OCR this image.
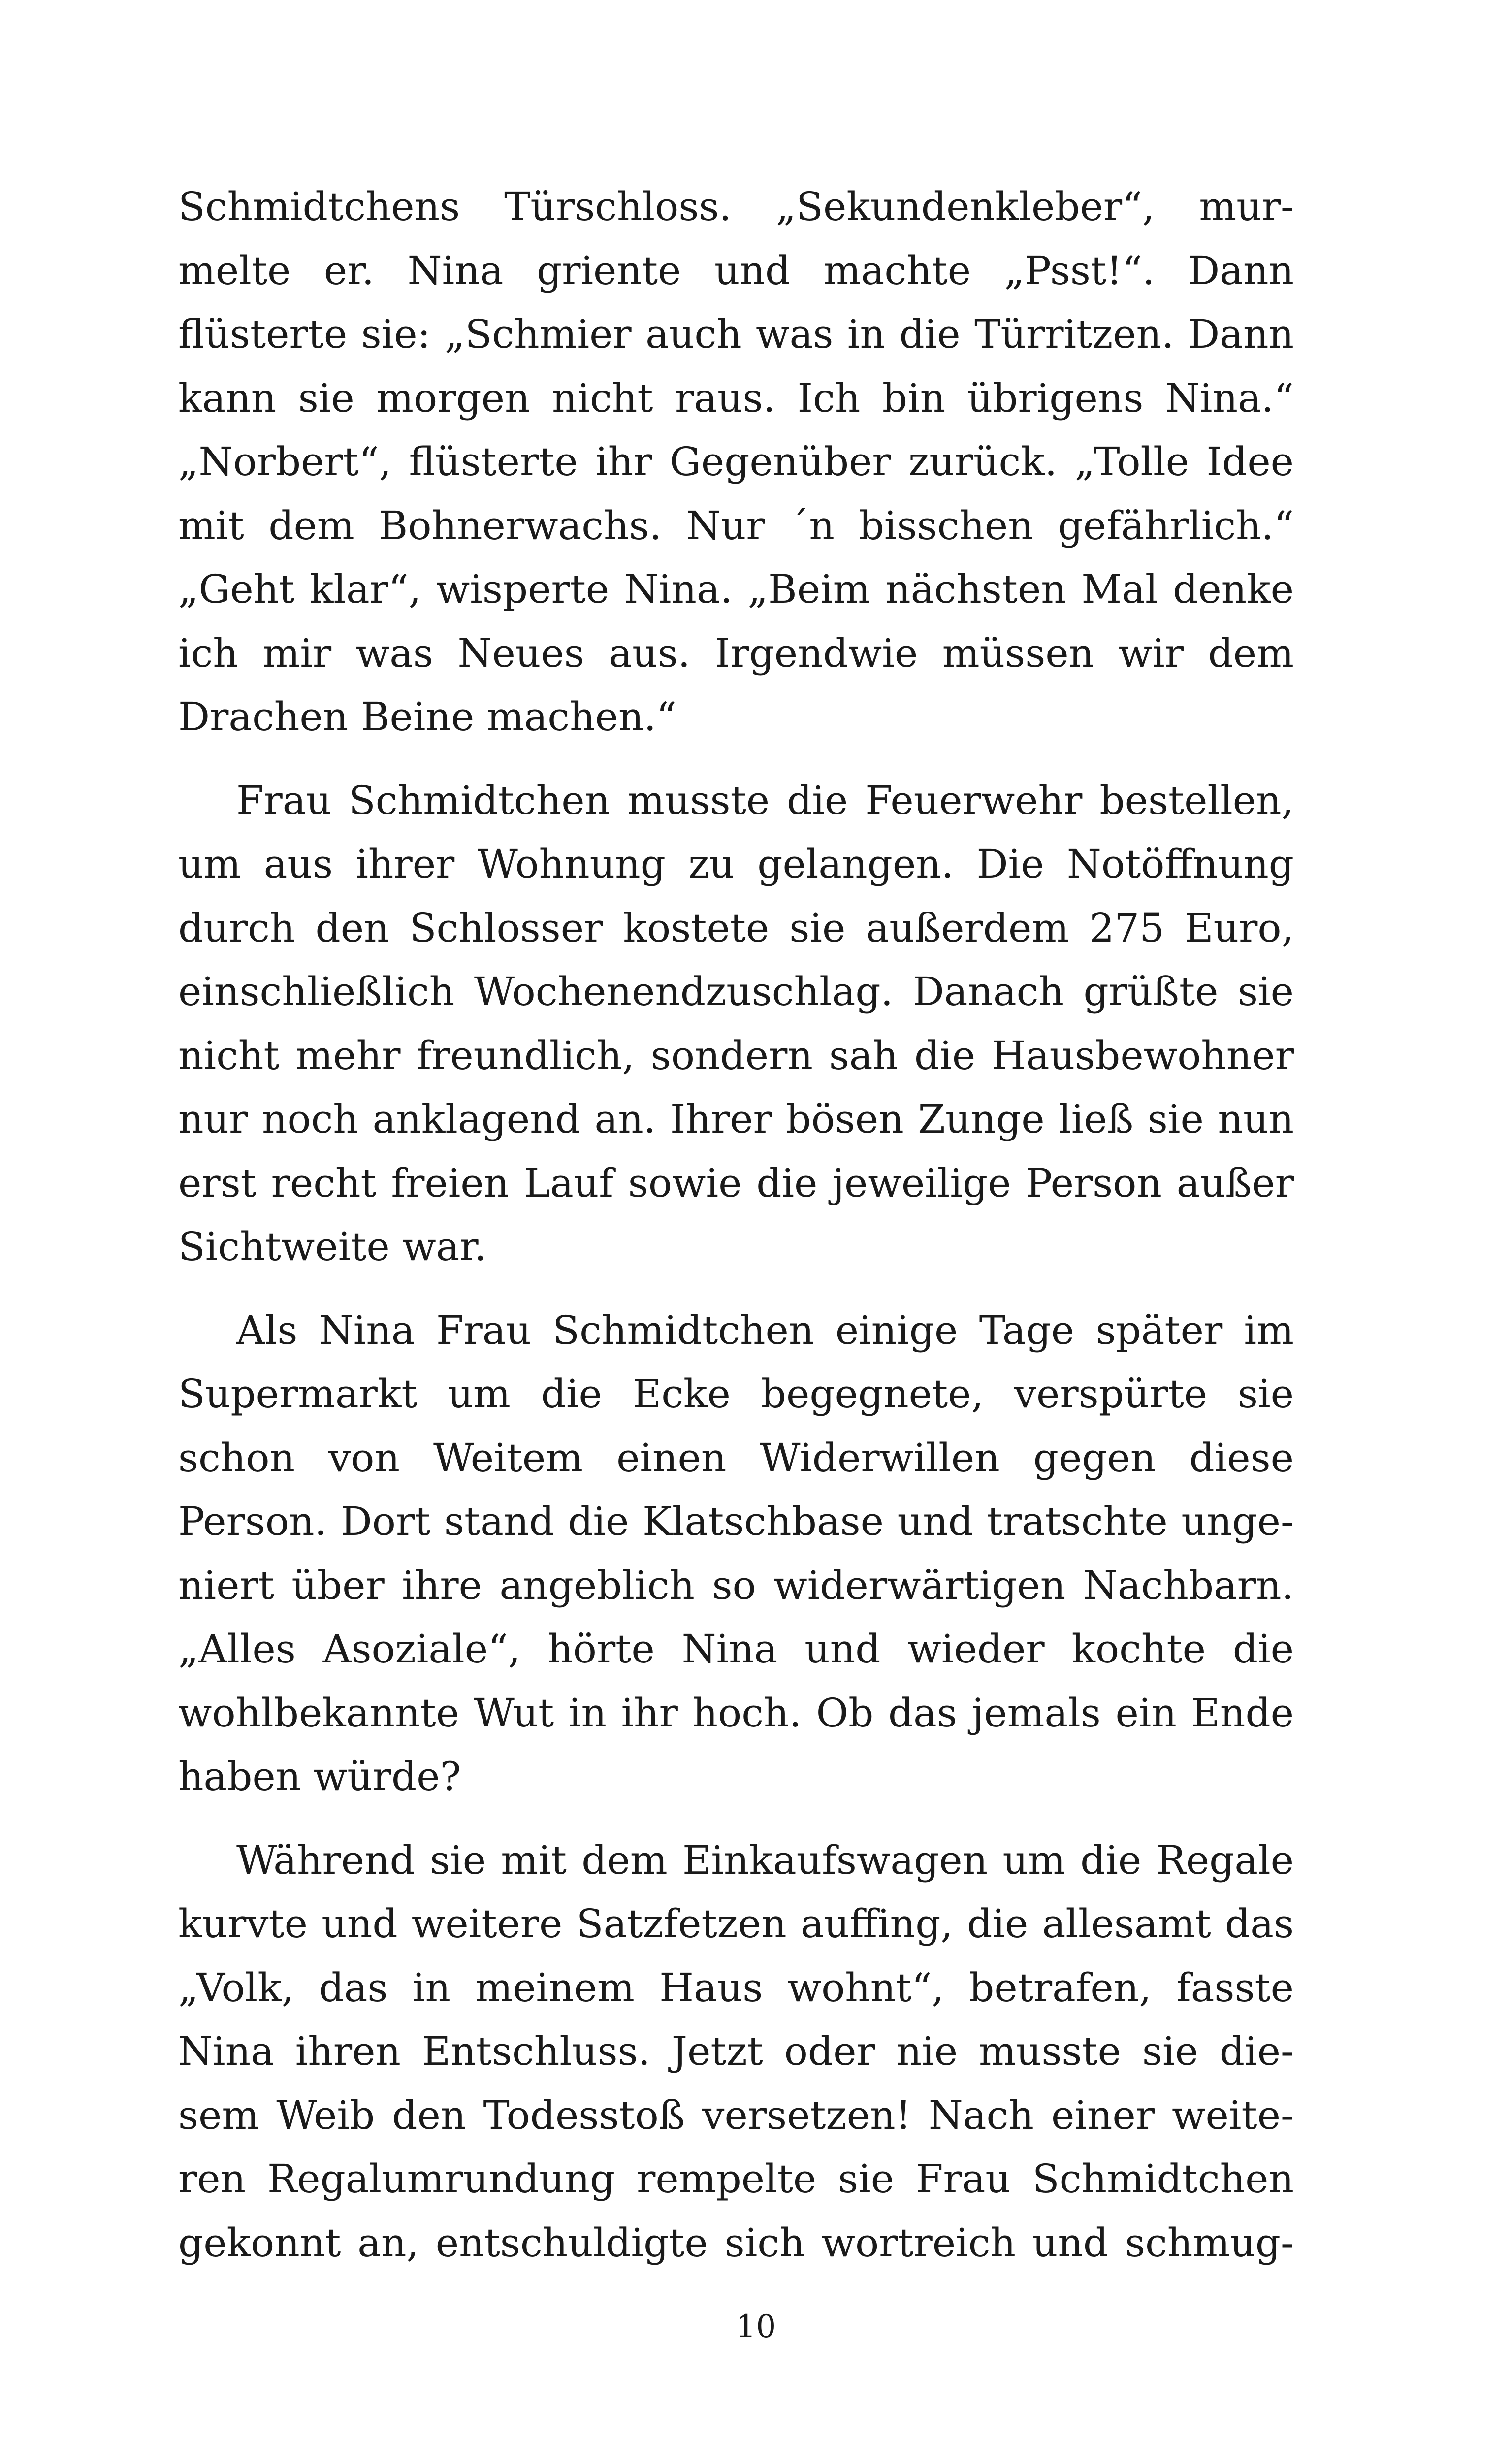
Schmidtchens Türschloss. „Sekundenkleber“, mur-
melte er. Nina griente und machte „Psst!“. Dann
flüsterte sie: „Schmier auch was in die Türritzen. Dann
kann sie morgen nicht raus. Ich bin übrigens Nina.“
„Norbert“, flüsterte ihr Gegenüber zurück. „Tolle Idee
mit dem Bohnerwachs. Nur ´n bisschen gefährlich.“
„Geht klar“, wisperte Nina. „Beim nächsten Mal denke
ich mir was Neues aus. Irgendwie müssen wir dem
Drachen Beine machen.“
Frau Schmidtchen musste die Feuerwehr bestellen,
um aus ihrer Wohnung zu gelangen. Die Notöffnung
durch den Schlosser kostete sie außerdem 275 Euro,
einschließlich Wochenendzuschlag. Danach grüßte sie
nicht mehr freundlich, sondern sah die Hausbewohner
nur noch anklagend an. Ihrer bösen Zunge ließ sie nun
erst recht freien Lauf sowie die jeweilige Person außer
Sichtweite war.
Als Nina Frau Schmidtchen einige Tage später im
Supermarkt um die Ecke begegnete, verspürte sie
schon von Weitem einen Widerwillen gegen diese
Person. Dort stand die Klatschbase und tratschte unge-
niert über ihre angeblich so widerwärtigen Nachbarn.
„Alles Asoziale“, hörte Nina und wieder kochte die
wohlbekannte Wut in ihr hoch. Ob das jemals ein Ende
haben würde?
Während sie mit dem Einkaufswagen um die Regale
kurvte und weitere Satzfetzen auffing, die allesamt das
„Volk, das in meinem Haus wohnt“, betrafen, fasste
Nina ihren Entschluss. Jetzt oder nie musste sie die-
sem Weib den Todesstoß versetzen! Nach einer weite-
ren Regalumrundung rempelte sie Frau Schmidtchen
gekonnt an, entschuldigte sich wortreich und schmug-
10
